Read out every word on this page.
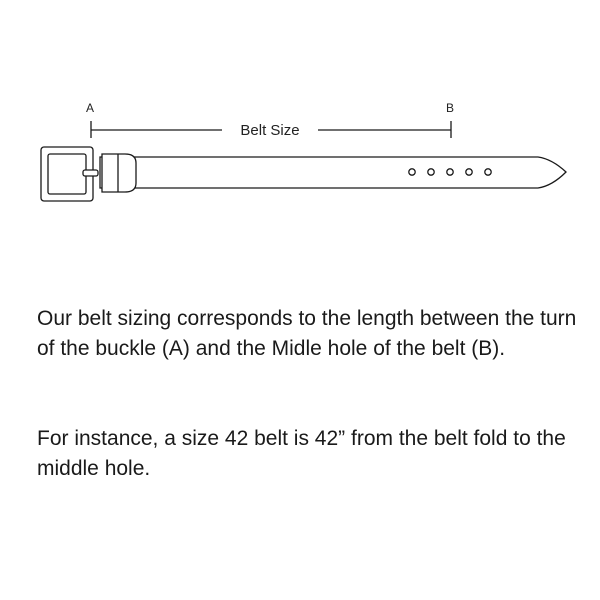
A	B
Belt Size

Our belt sizing corresponds to the length between the turn of the buckle (A) and the Midle hole of the belt (B).

For instance, a size 42 belt is 42” from the belt fold to the middle hole.
